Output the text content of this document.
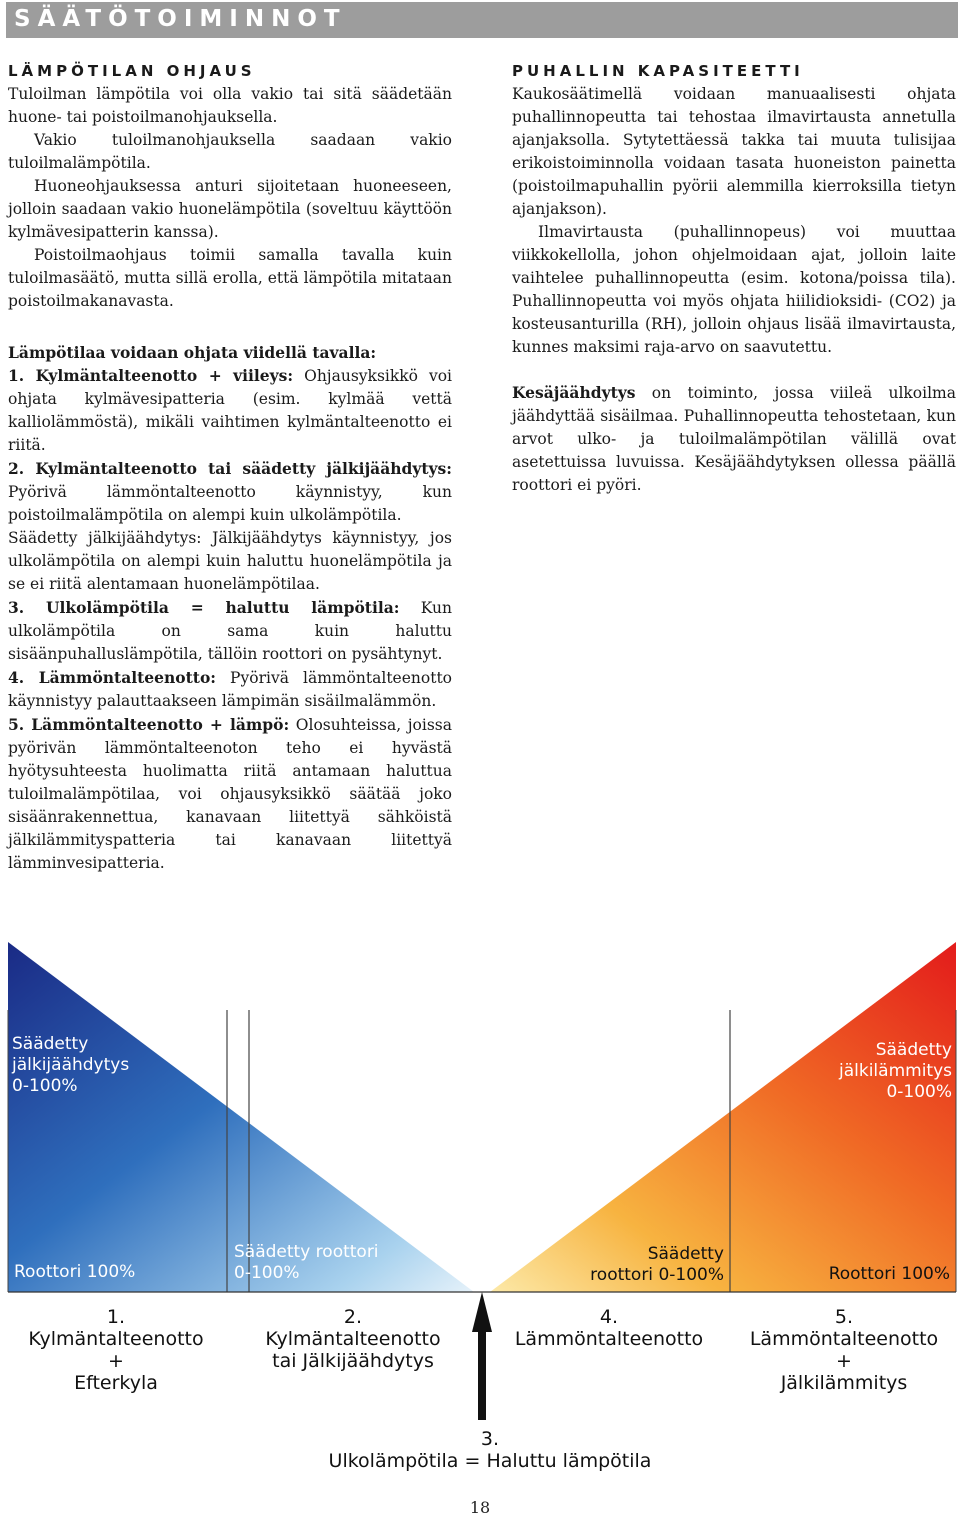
SÄÄTÖTOIMINNOT

LÄMPÖTILAN OHJAUS

Tuloilman lämpötila voi olla vakio tai sitä säädetään huone- tai poistoilmanohjauksella.

Vakio tuloilmanohjauksella saadaan vakio tuloilmalämpötila.

Huoneohjauksessa anturi sijoitetaan huoneeseen, jolloin saadaan vakio huonelämpötila (soveltuu käyttöön kylmävesipatterin kanssa).

Poistoilmaohjaus toimii samalla tavalla kuin tuloilmasäätö, mutta sillä erolla, että lämpötila mitataan poistoilmakanavasta.

Lämpötilaa voidaan ohjata viidellä tavalla:

1. Kylmäntalteenotto + viileys: Ohjausyksikkö voi ohjata kylmävesipatteria (esim. kylmää vettä kalliolämmöstä), mikäli vaihtimen kylmäntalteenotto ei riitä.

2. Kylmäntalteenotto tai säädetty jälkijäähdytys: Pyörivä lämmöntalteenotto käynnistyy, kun poistoilmalämpötila on alempi kuin ulkolämpötila.

Säädetty jälkijäähdytys: Jälkijäähdytys käynnistyy, jos ulkolämpötila on alempi kuin haluttu huonelämpötila ja se ei riitä alentamaan huonelämpötilaa.

3. Ulkolämpötila = haluttu lämpötila: Kun ulkolämpötila on sama kuin haluttu sisäänpuhalluslämpötila, tällöin roottori on pysähtynyt.

4. Lämmöntalteenotto: Pyörivä lämmöntalteenotto käynnistyy palauttaakseen lämpimän sisäilmalämmön.

5. Lämmöntalteenotto + lämpö: Olosuhteissa, joissa pyörivän lämmöntalteenoton teho ei hyvästä hyötysuhteesta huolimatta riitä antamaan haluttua tuloilmalämpötilaa, voi ohjausyksikkö säätää joko sisäänrakennettua, kanavaan liitettyä sähköistä jälkilämmityspatteria tai kanavaan liitettyä lämminvesipatteria.

PUHALLIN KAPASITEETTI

Kaukosäätimellä voidaan manuaalisesti ohjata puhallinnopeutta tai tehostaa ilmavirtausta annetulla ajanjaksolla. Sytytettäessä takka tai muuta tulisijaa erikoistoiminnolla voidaan tasata huoneiston painetta (poistoilmapuhallin pyörii alemmilla kierroksilla tietyn ajanjakson).

Ilmavirtausta (puhallinnopeus) voi muuttaa viikkokellolla, johon ohjelmoidaan ajat, jolloin laite vaihtelee puhallinnopeutta (esim. kotona/poissa tila). Puhallinnopeutta voi myös ohjata hiilidioksidi- (CO2) ja kosteusanturilla (RH), jolloin ohjaus lisää ilmavirtausta, kunnes maksimi raja-arvo on saavutettu.

Kesäjäähdytys on toiminto, jossa viileä ulkoilma jäähdyttää sisäilmaa. Puhallinnopeutta tehostetaan, kun arvot ulko- ja tuloilmalämpötilan välillä ovat asetettuissa luvuissa. Kesäjäähdytyksen ollessa päällä roottori ei pyöri.

Säädetty
jälkijäähdytys
0-100%
Säädetty
jälkilämmitys
0-100%
Roottori 100%
Säädetty roottori
0-100%
Säädetty
roottori 0-100%	Roottori 100%
1.
Kylmäntalteenotto
+
Efterkyla
2.
Kylmäntalteenotto
tai Jälkijäähdytys
4.
Lämmöntalteenotto
5.
Lämmöntalteenotto
+
Jälkilämmitys
3.
Ulkolämpötila = Haluttu lämpötila
18
